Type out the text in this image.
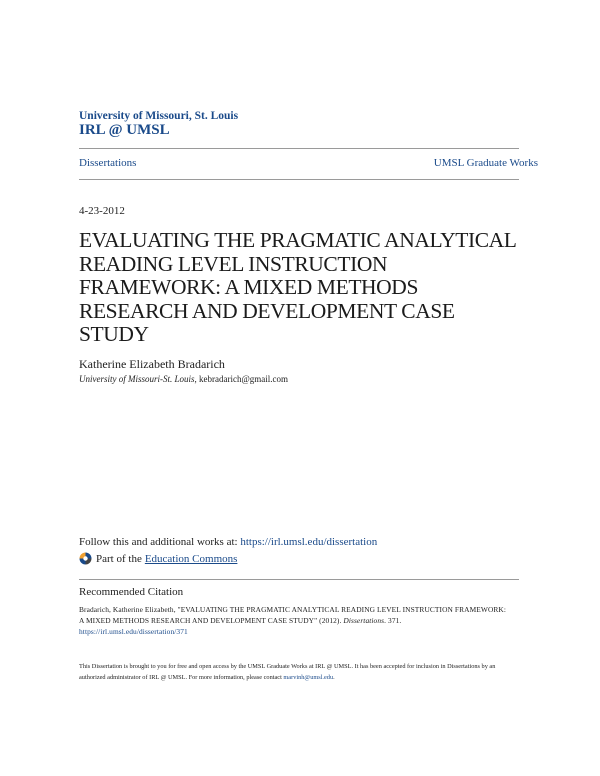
University of Missouri, St. Louis
IRL @ UMSL
Dissertations	UMSL Graduate Works
4-23-2012
EVALUATING THE PRAGMATIC ANALYTICAL READING LEVEL INSTRUCTION FRAMEWORK: A MIXED METHODS RESEARCH AND DEVELOPMENT CASE STUDY
Katherine Elizabeth Bradarich
University of Missouri-St. Louis, kebradarich@gmail.com
Follow this and additional works at: https://irl.umsl.edu/dissertation
Part of the Education Commons
Recommended Citation
Bradarich, Katherine Elizabeth, "EVALUATING THE PRAGMATIC ANALYTICAL READING LEVEL INSTRUCTION FRAMEWORK: A MIXED METHODS RESEARCH AND DEVELOPMENT CASE STUDY" (2012). Dissertations. 371.
https://irl.umsl.edu/dissertation/371
This Dissertation is brought to you for free and open access by the UMSL Graduate Works at IRL @ UMSL. It has been accepted for inclusion in Dissertations by an authorized administrator of IRL @ UMSL. For more information, please contact marvinh@umsl.edu.
